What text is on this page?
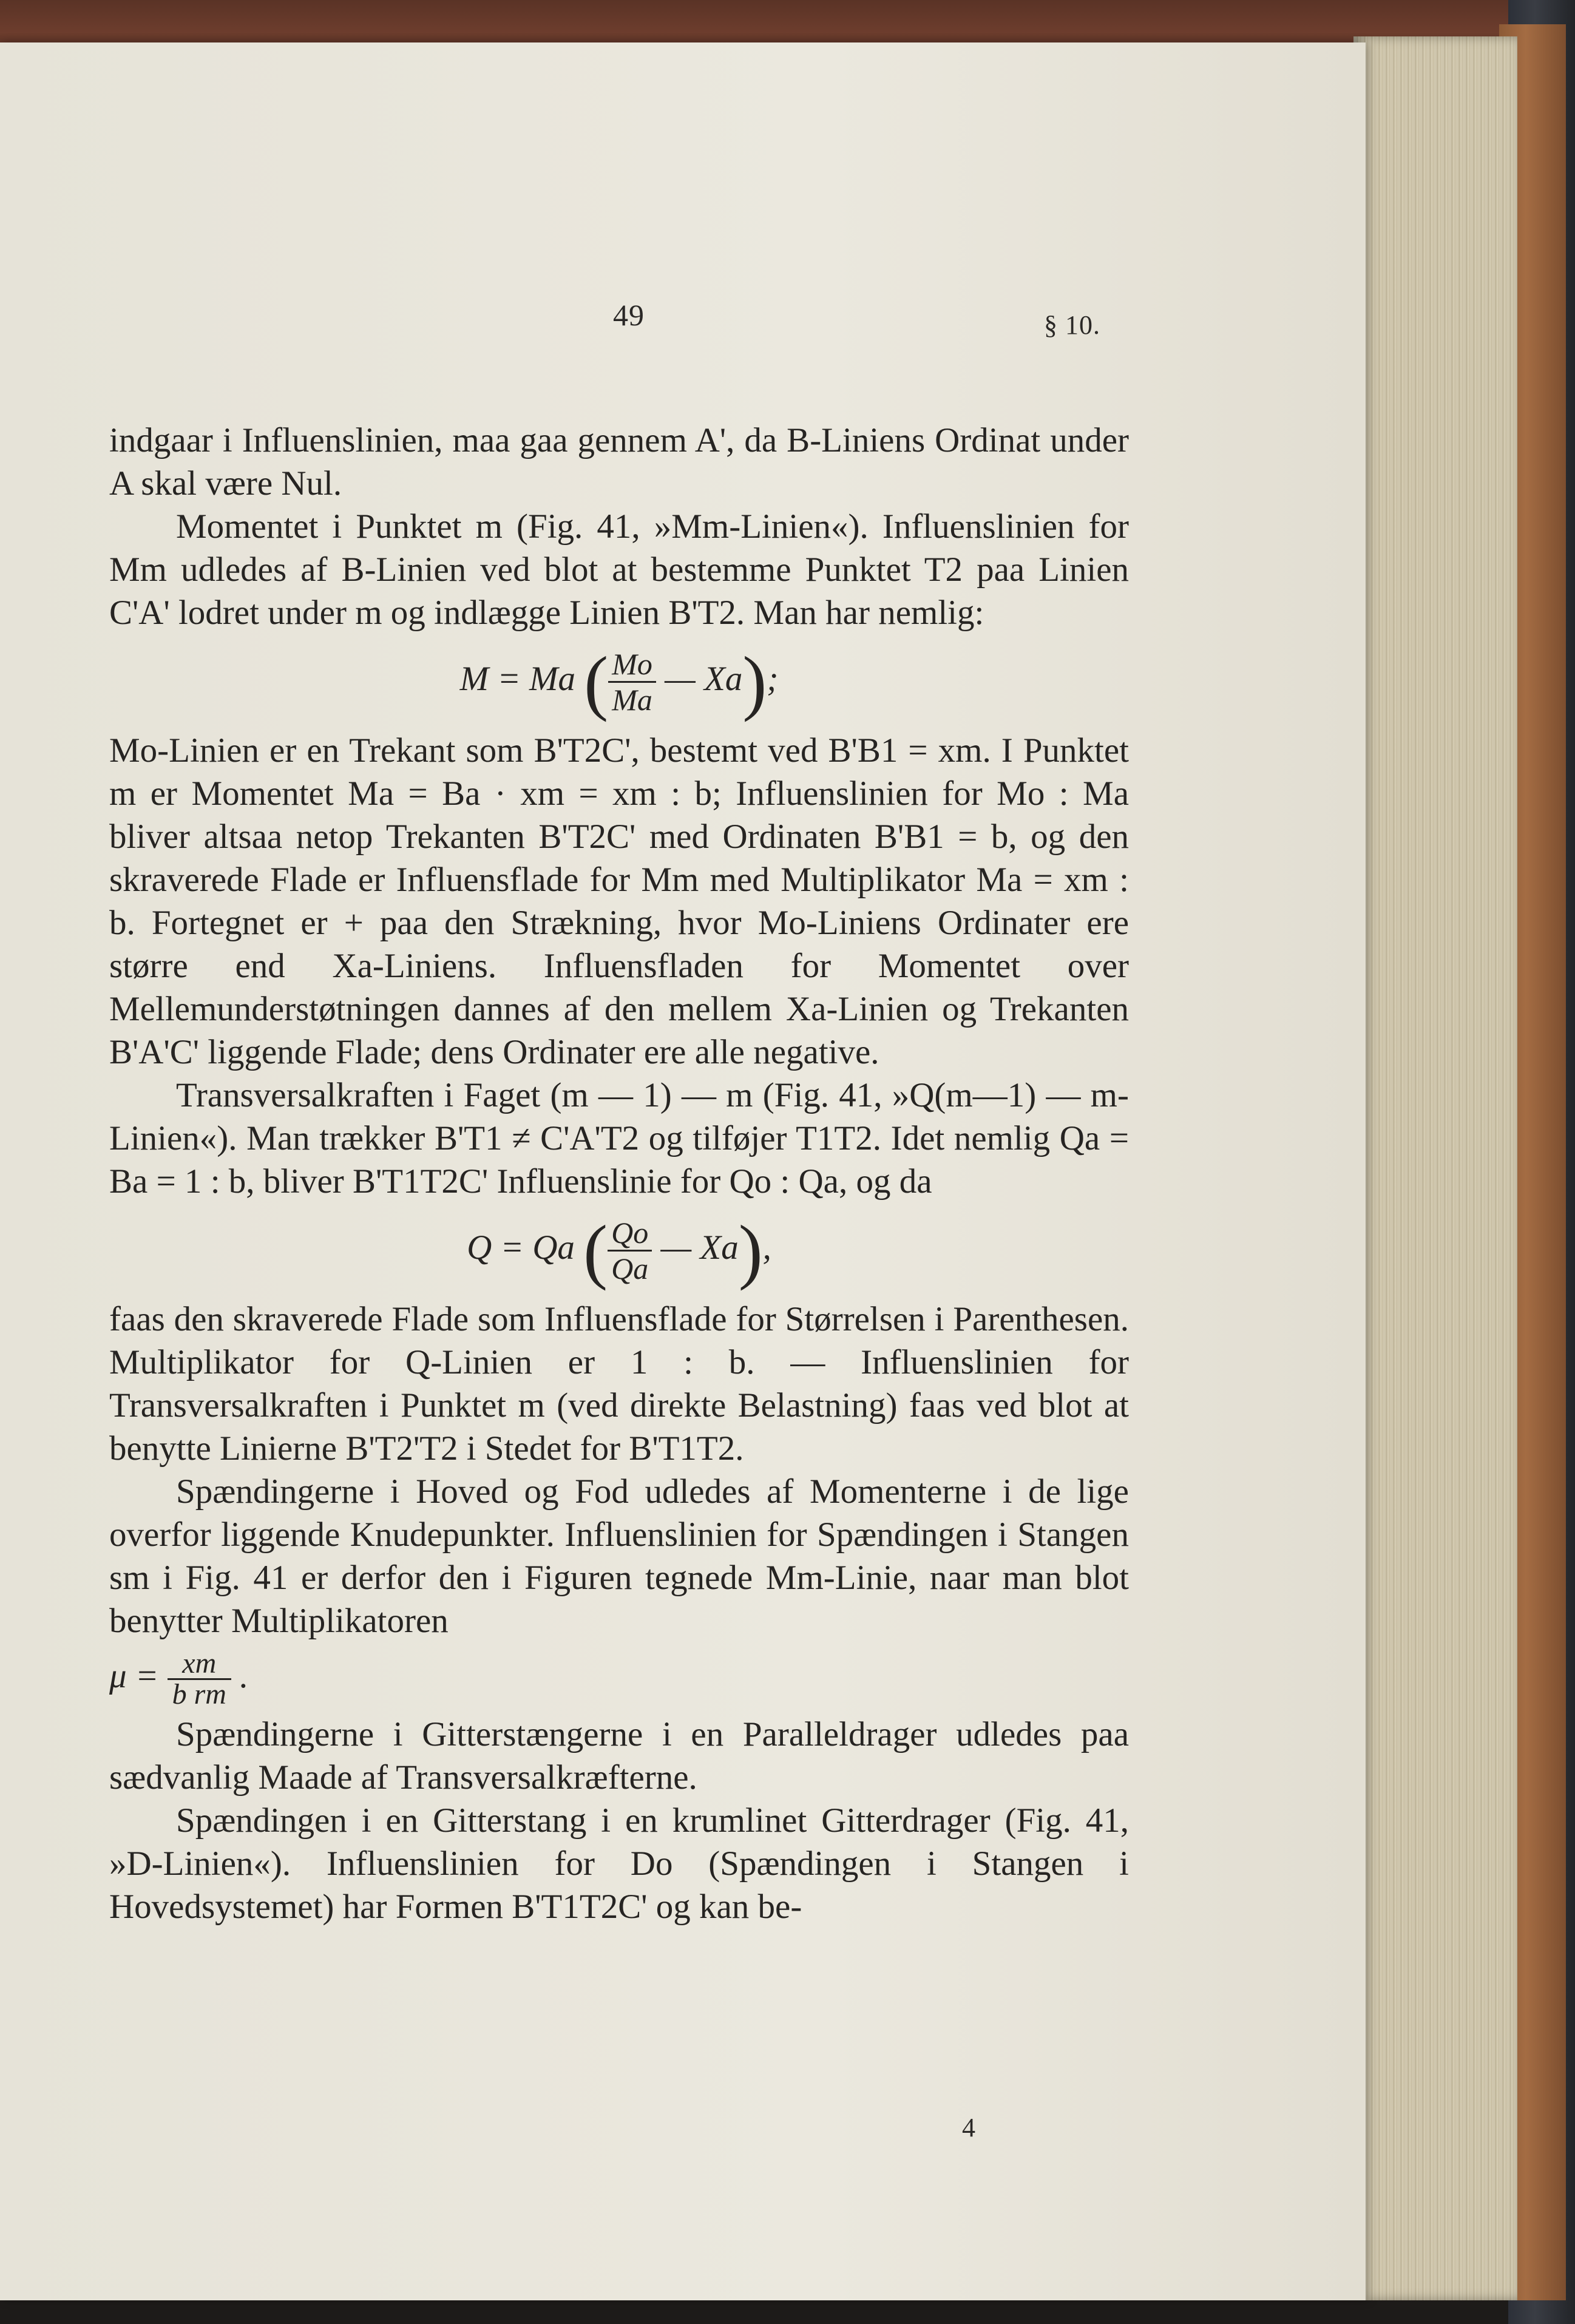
49	§ 10.

indgaar i Influenslinien, maa gaa gennem A', da B-Liniens Ordinat under A skal være Nul.

Momentet i Punktet m (Fig. 41, »Mm-Linien«). Influenslinien for Mm udledes af B-Linien ved blot at bestemme Punktet T2 paa Linien C'A' lodret under m og indlægge Linien B'T2. Man har nemlig:

M = Ma ( $\frac{Mo}{Ma}$ — Xa);

Mo-Linien er en Trekant som B'T2C', bestemt ved B'B1 = xm. I Punktet m er Momentet Ma = Ba · xm = xm : b; Influenslinien for Mo : Ma bliver altsaa netop Trekanten B'T2C' med Ordinaten B'B1 = b, og den skraverede Flade er Influensflade for Mm med Multiplikator Ma = xm : b. Fortegnet er + paa den Strækning, hvor Mo-Liniens Ordinater ere større end Xa-Liniens. Influensfladen for Momentet over Mellemunderstøtningen dannes af den mellem Xa-Linien og Trekanten B'A'C' liggende Flade; dens Ordinater ere alle negative.

Transversalkraften i Faget (m — 1) — m (Fig. 41, »Q(m—1) — m-Linien«). Man trækker B'T1 ≠ C'A'T2 og tilføjer T1T2. Idet nemlig Qa = Ba = 1 : b, bliver B'T1T2C' Influenslinie for Qo : Qa, og da

Q = Qa ( $\frac{Qo}{Qa}$ — Xa),

faas den skraverede Flade som Influensflade for Størrelsen i Parenthesen. Multiplikator for Q-Linien er 1 : b. — Influenslinien for Transversalkraften i Punktet m (ved direkte Belastning) faas ved blot at benytte Linierne B'T2'T2 i Stedet for B'T1T2.

Spændingerne i Hoved og Fod udledes af Momenterne i de lige overfor liggende Knudepunkter. Influenslinien for Spændingen i Stangen sm i Fig. 41 er derfor den i Figuren tegnede Mm-Linie, naar man blot benytter Multiplikatoren

$\mu = \frac{xm}{\text{b rm}}$ .

Spændingerne i Gitterstængerne i en Paralleldrager udledes paa sædvanlig Maade af Transversalkræfterne.

Spændingen i en Gitterstang i en krumlinet Gitterdrager (Fig. 41, »D-Linien«). Influenslinien for Do (Spændingen i Stangen i Hovedsystemet) har Formen B'T1T2C' og kan be-

4
